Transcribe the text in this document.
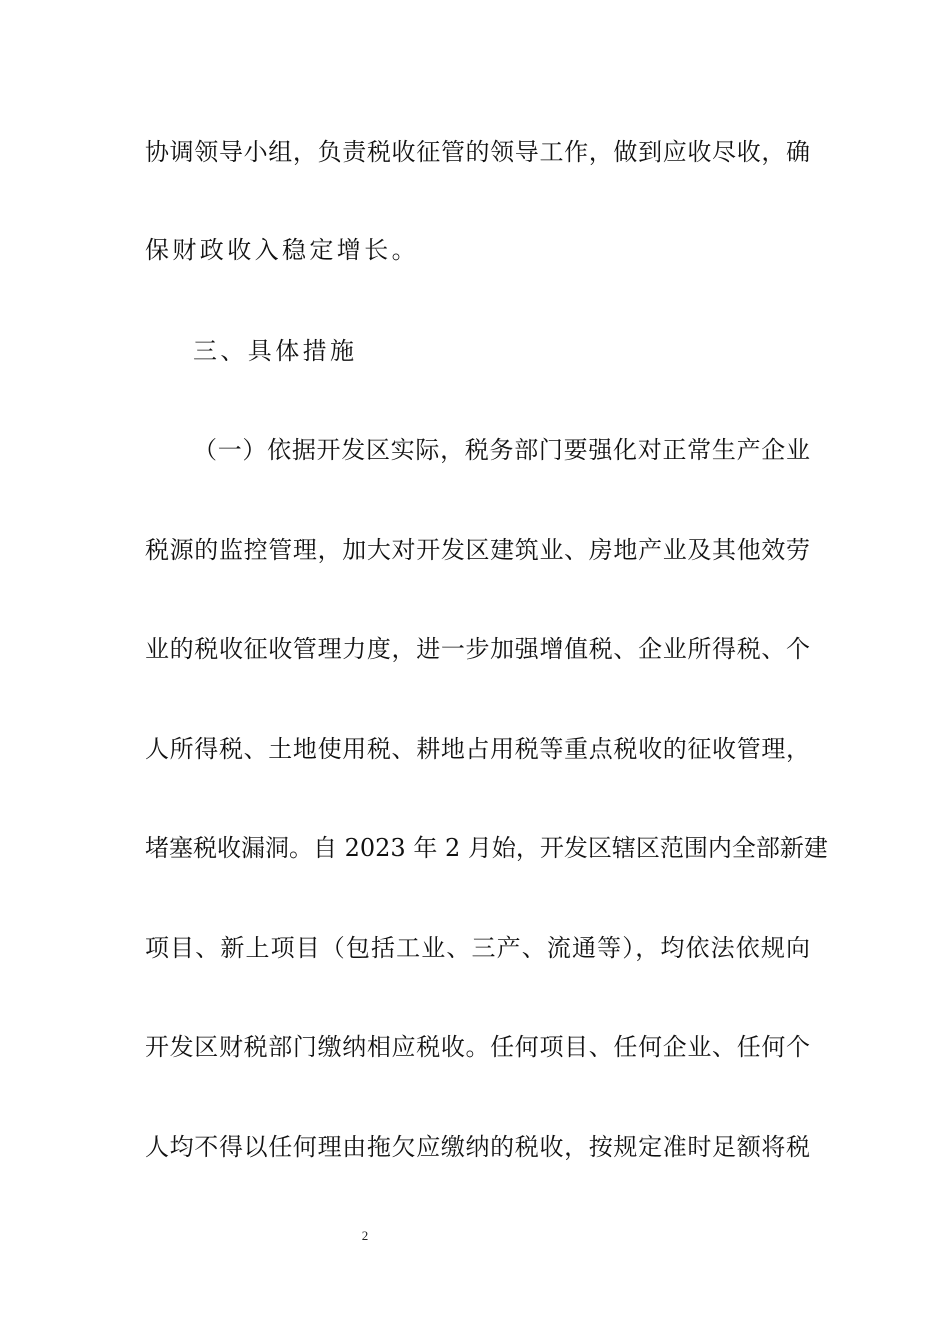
协调领导小组，负责税收征管的领导工作，做到应收尽收，确
保财政收入稳定增长。
三、具体措施
（一）依据开发区实际，税务部门要强化对正常生产企业
税源的监控管理，加大对开发区建筑业、房地产业及其他效劳
业的税收征收管理力度，进一步加强增值税、企业所得税、个
人所得税、土地使用税、耕地占用税等重点税收的征收管理，
堵塞税收漏洞。自 2023 年 2 月始，开发区辖区范围内全部新建
项目、新上项目（包括工业、三产、流通等），均依法依规向
开发区财税部门缴纳相应税收。任何项目、任何企业、任何个
人均不得以任何理由拖欠应缴纳的税收，按规定准时足额将税
2
